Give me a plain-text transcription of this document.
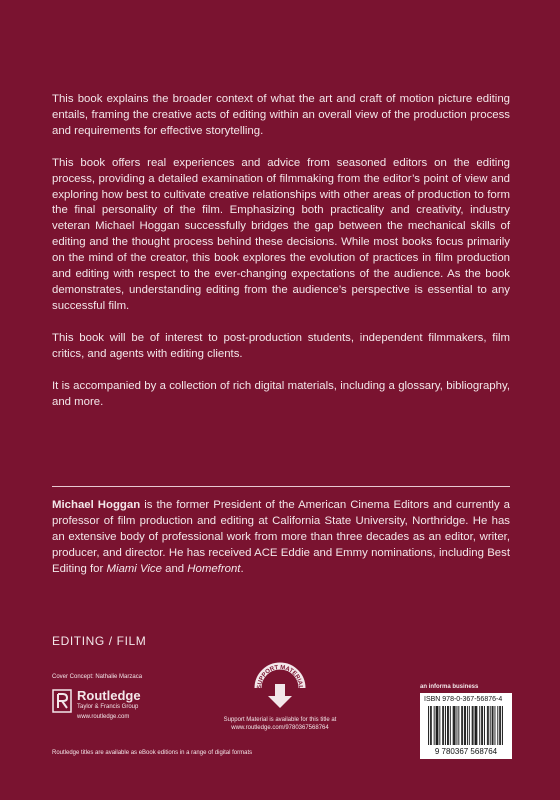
This book explains the broader context of what the art and craft of motion picture editing entails, framing the creative acts of editing within an overall view of the production process and requirements for effective storytelling.

This book offers real experiences and advice from seasoned editors on the editing process, providing a detailed examination of filmmaking from the editor’s point of view and exploring how best to cultivate creative relationships with other areas of production to form the final personality of the film. Emphasizing both practicality and creativity, industry veteran Michael Hoggan successfully bridges the gap between the mechanical skills of editing and the thought process behind these decisions. While most books focus primarily on the mind of the creator, this book explores the evolution of practices in film production and editing with respect to the ever-changing expectations of the audience. As the book demonstrates, understanding editing from the audience’s perspective is essential to any successful film.

This book will be of interest to post-production students, independent filmmakers, film critics, and agents with editing clients.

It is accompanied by a collection of rich digital materials, including a glossary, bibliography, and more.

Michael Hoggan is the former President of the American Cinema Editors and currently a professor of film production and editing at California State University, Northridge. He has an extensive body of professional work from more than three decades as an editor, writer, producer, and director. He has received ACE Eddie and Emmy nominations, including Best Editing for Miami Vice and Homefront.
EDITING / FILM
Cover Concept: Nathalie Marzaca
Routledge
Taylor & Francis Group
www.routledge.com
SUPPORT MATERIAL
Support Material is available for this title at
www.routledge.com/9780367568764
an informa business
ISBN 978-0-367-56876-4
9 780367 568764
Routledge titles are available as eBook editions in a range of digital formats
